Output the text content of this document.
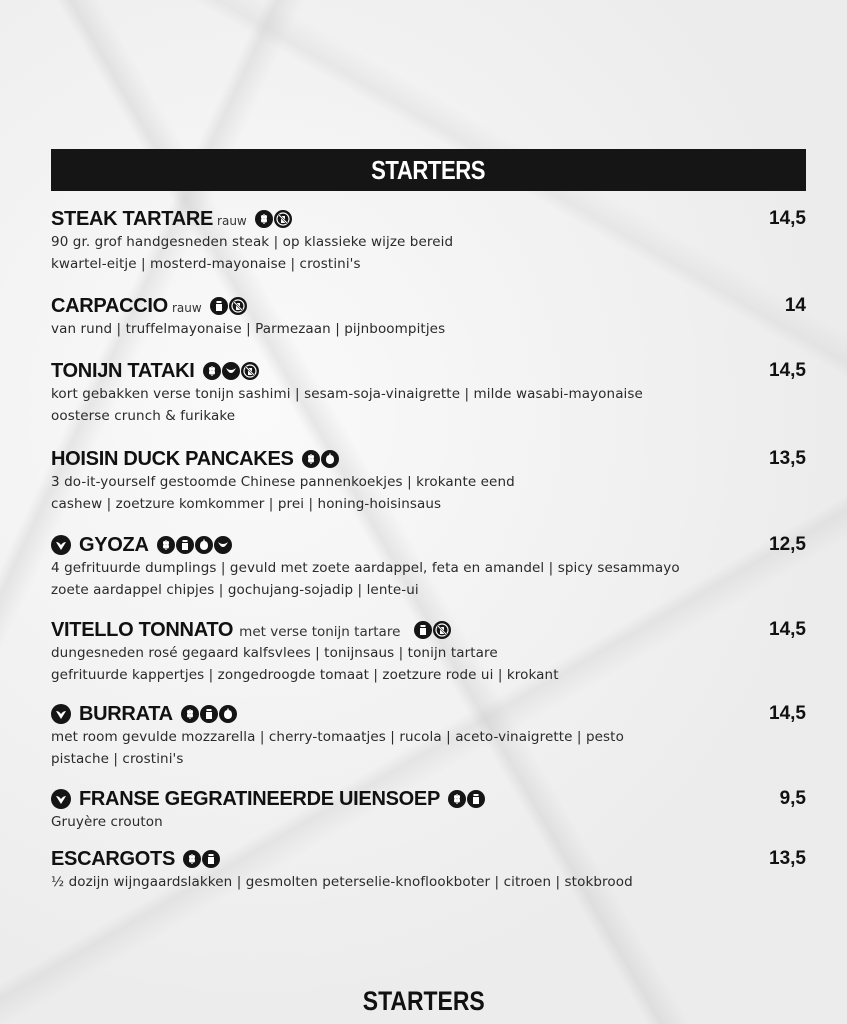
STARTERS
STEAK TARTARE rauw	14,5
90 gr. grof handgesneden steak | op klassieke wijze bereid
kwartel-eitje | mosterd-mayonaise | crostini's
CARPACCIO rauw	14
van rund | truffelmayonaise | Parmezaan | pijnboompitjes
TONIJN TATAKI	14,5
kort gebakken verse tonijn sashimi | sesam-soja-vinaigrette | milde wasabi-mayonaise
oosterse crunch & furikake
HOISIN DUCK PANCAKES	13,5
3 do-it-yourself gestoomde Chinese pannenkoekjes | krokante eend
cashew | zoetzure komkommer | prei | honing-hoisinsaus
GYOZA	12,5
4 gefrituurde dumplings | gevuld met zoete aardappel, feta en amandel | spicy sesammayo
zoete aardappel chipjes | gochujang-sojadip | lente-ui
VITELLO TONNATO met verse tonijn tartare	14,5
dungesneden rosé gegaard kalfsvlees | tonijnsaus | tonijn tartare
gefrituurde kappertjes | zongedroogde tomaat | zoetzure rode ui | krokant
BURRATA	14,5
met room gevulde mozzarella | cherry-tomaatjes | rucola | aceto-vinaigrette | pesto
pistache | crostini's
FRANSE GEGRATINEERDE UIENSOEP	9,5
Gruyère crouton
ESCARGOTS	13,5
½ dozijn wijngaardslakken | gesmolten peterselie-knoflookboter | citroen | stokbrood
STARTERS
